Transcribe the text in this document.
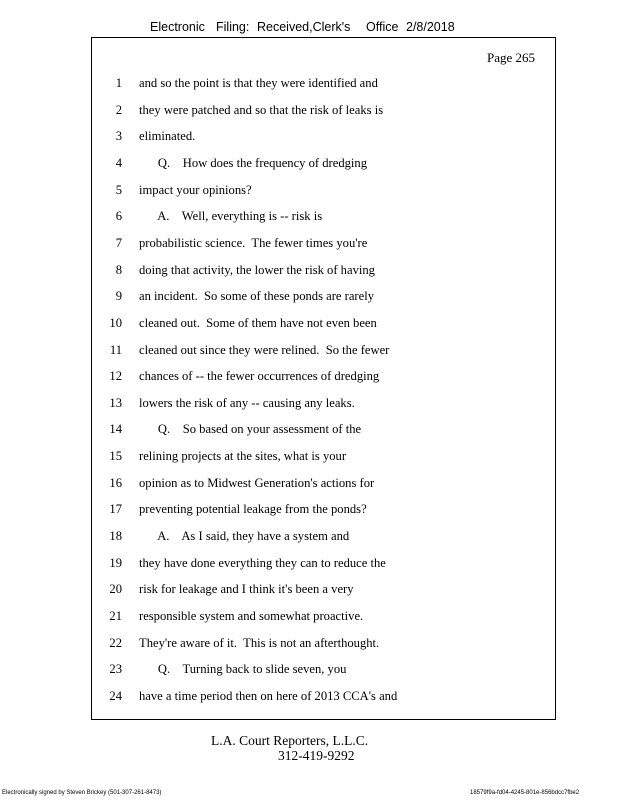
Electronic Filing: Received,Clerk's Office 2/8/2018
Page 265
1 and so the point is that they were identified and
2 they were patched and so that the risk of leaks is
3 eliminated.
4 Q.    How does the frequency of dredging
5 impact your opinions?
6 A.    Well, everything is -- risk is
7 probabilistic science.  The fewer times you're
8 doing that activity, the lower the risk of having
9 an incident.  So some of these ponds are rarely
10 cleaned out.  Some of them have not even been
11 cleaned out since they were relined.  So the fewer
12 chances of -- the fewer occurrences of dredging
13 lowers the risk of any -- causing any leaks.
14 Q.    So based on your assessment of the
15 relining projects at the sites, what is your
16 opinion as to Midwest Generation's actions for
17 preventing potential leakage from the ponds?
18 A.    As I said, they have a system and
19 they have done everything they can to reduce the
20 risk for leakage and I think it's been a very
21 responsible system and somewhat proactive.
22 They're aware of it.  This is not an afterthought.
23 Q.    Turning back to slide seven, you
24 have a time period then on here of 2013 CCA's and
L.A. Court Reporters, L.L.C.
312-419-9292
Electronically signed by Steven Brickey (501-307-261-8473)	18579f9a-fd04-4245-801e-856bdcc7fbe2
